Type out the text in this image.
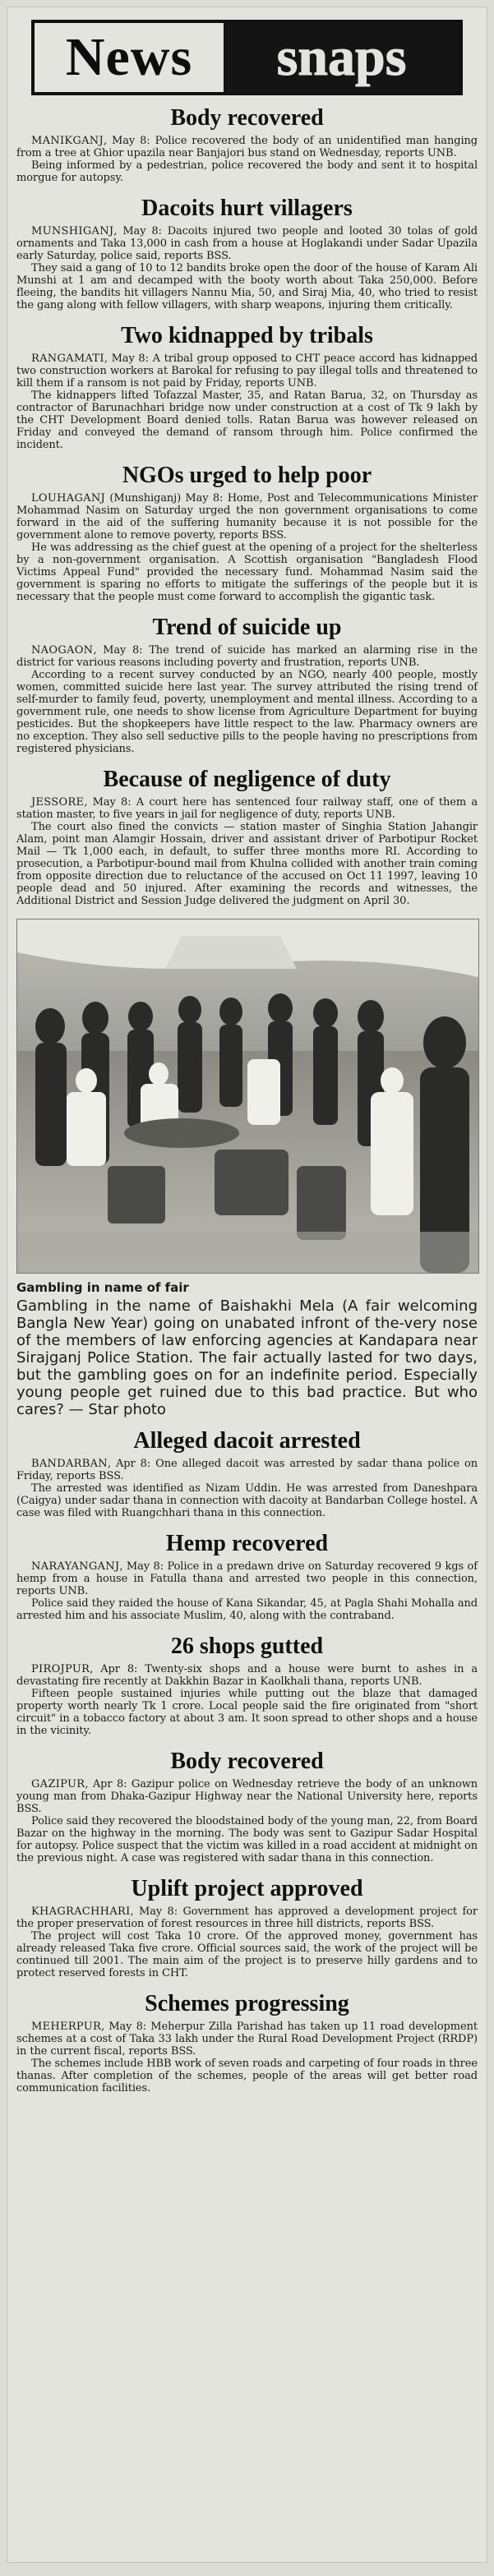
News	snaps
Body recovered

MANIKGANJ, May 8: Police recovered the body of an unidentified man hanging from a tree at Ghior upazila near Banjajori bus stand on Wednesday, reports UNB.

Being informed by a pedestrian, police recovered the body and sent it to hospital morgue for autopsy.

Dacoits hurt villagers

MUNSHIGANJ, May 8: Dacoits injured two people and looted 30 tolas of gold ornaments and Taka 13,000 in cash from a house at Hoglakandi under Sadar Upazila early Saturday, police said, reports BSS.

They said a gang of 10 to 12 bandits broke open the door of the house of Karam Ali Munshi at 1 am and decamped with the booty worth about Taka 250,000. Before fleeing, the bandits hit villagers Nannu Mia, 50, and Siraj Mia, 40, who tried to resist the gang along with fellow villagers, with sharp weapons, injuring them critically.

Two kidnapped by tribals

RANGAMATI, May 8: A tribal group opposed to CHT peace accord has kidnapped two construction workers at Barokal for refusing to pay illegal tolls and threatened to kill them if a ransom is not paid by Friday, reports UNB.

The kidnappers lifted Tofazzal Master, 35, and Ratan Barua, 32, on Thursday as contractor of Barunachhari bridge now under construction at a cost of Tk 9 lakh by the CHT Development Board denied tolls. Ratan Barua was however released on Friday and conveyed the demand of ransom through him. Police confirmed the incident.

NGOs urged to help poor

LOUHAGANJ (Munshiganj) May 8: Home, Post and Telecommunications Minister Mohammad Nasim on Saturday urged the non government organisations to come forward in the aid of the suffering humanity because it is not possible for the government alone to remove poverty, reports BSS.

He was addressing as the chief guest at the opening of a project for the shelterless by a non-government organisation. A Scottish organisation "Bangladesh Flood Victims Appeal Fund" provided the necessary fund. Mohammad Nasim said the government is sparing no efforts to mitigate the sufferings of the people but it is necessary that the people must come forward to accomplish the gigantic task.

Trend of suicide up

NAOGAON, May 8: The trend of suicide has marked an alarming rise in the district for various reasons including poverty and frustration, reports UNB.

According to a recent survey conducted by an NGO, nearly 400 people, mostly women, committed suicide here last year. The survey attributed the rising trend of self-murder to family feud, poverty, unemployment and mental illness. According to a government rule, one needs to show license from Agriculture Department for buying pesticides. But the shopkeepers have little respect to the law. Pharmacy owners are no exception. They also sell seductive pills to the people having no prescriptions from registered physicians.

Because of negligence of duty

JESSORE, May 8: A court here has sentenced four railway staff, one of them a station master, to five years in jail for negligence of duty, reports UNB.

The court also fined the convicts — station master of Singhia Station Jahangir Alam, point man Alamgir Hossain, driver and assistant driver of Parbotipur Rocket Mail — Tk 1,000 each, in default, to suffer three months more RI. According to prosecution, a Parbotipur-bound mail from Khulna collided with another train coming from opposite direction due to reluctance of the accused on Oct 11 1997, leaving 10 people dead and 50 injured. After examining the records and witnesses, the Additional District and Session Judge delivered the judgment on April 30.

Gambling in name of fair

Gambling in the name of Baishakhi Mela (A fair welcoming Bangla New Year) going on unabated infront of the-very nose of the members of law enforcing agencies at Kandapara near Sirajganj Police Station. The fair actually lasted for two days, but the gambling goes on for an indefinite period. Especially young people get ruined due to this bad practice. But who cares? — Star photo

Alleged dacoit arrested

BANDARBAN, Apr 8: One alleged dacoit was arrested by sadar thana police on Friday, reports BSS.

The arrested was identified as Nizam Uddin. He was arrested from Daneshpara (Caigya) under sadar thana in connection with dacoity at Bandarban College hostel. A case was filed with Ruangchhari thana in this connection.

Hemp recovered

NARAYANGANJ, May 8: Police in a predawn drive on Saturday recovered 9 kgs of hemp from a house in Fatulla thana and arrested two people in this connection, reports UNB.

Police said they raided the house of Kana Sikandar, 45, at Pagla Shahi Mohalla and arrested him and his associate Muslim, 40, along with the contraband.

26 shops gutted

PIROJPUR, Apr 8: Twenty-six shops and a house were burnt to ashes in a devastating fire recently at Dakkhin Bazar in Kaolkhali thana, reports UNB.

Fifteen people sustained injuries while putting out the blaze that damaged property worth nearly Tk 1 crore. Local people said the fire originated from "short circuit" in a tobacco factory at about 3 am. It soon spread to other shops and a house in the vicinity.

Body recovered

GAZIPUR, Apr 8: Gazipur police on Wednesday retrieve the body of an unknown young man from Dhaka-Gazipur Highway near the National University here, reports BSS.

Police said they recovered the bloodstained body of the young man, 22, from Board Bazar on the highway in the morning. The body was sent to Gazipur Sadar Hospital for autopsy. Police suspect that the victim was killed in a road accident at midnight on the previous night. A case was registered with sadar thana in this connection.

Uplift project approved

KHAGRACHHARI, May 8: Government has approved a development project for the proper preservation of forest resources in three hill districts, reports BSS.

The project will cost Taka 10 crore. Of the approved money, government has already released Taka five crore. Official sources said, the work of the project will be continued till 2001. The main aim of the project is to preserve hilly gardens and to protect reserved forests in CHT.

Schemes progressing

MEHERPUR, May 8: Meherpur Zilla Parishad has taken up 11 road development schemes at a cost of Taka 33 lakh under the Rural Road Development Project (RRDP) in the current fiscal, reports BSS.

The schemes include HBB work of seven roads and carpeting of four roads in three thanas. After completion of the schemes, people of the areas will get better road communication facilities.
